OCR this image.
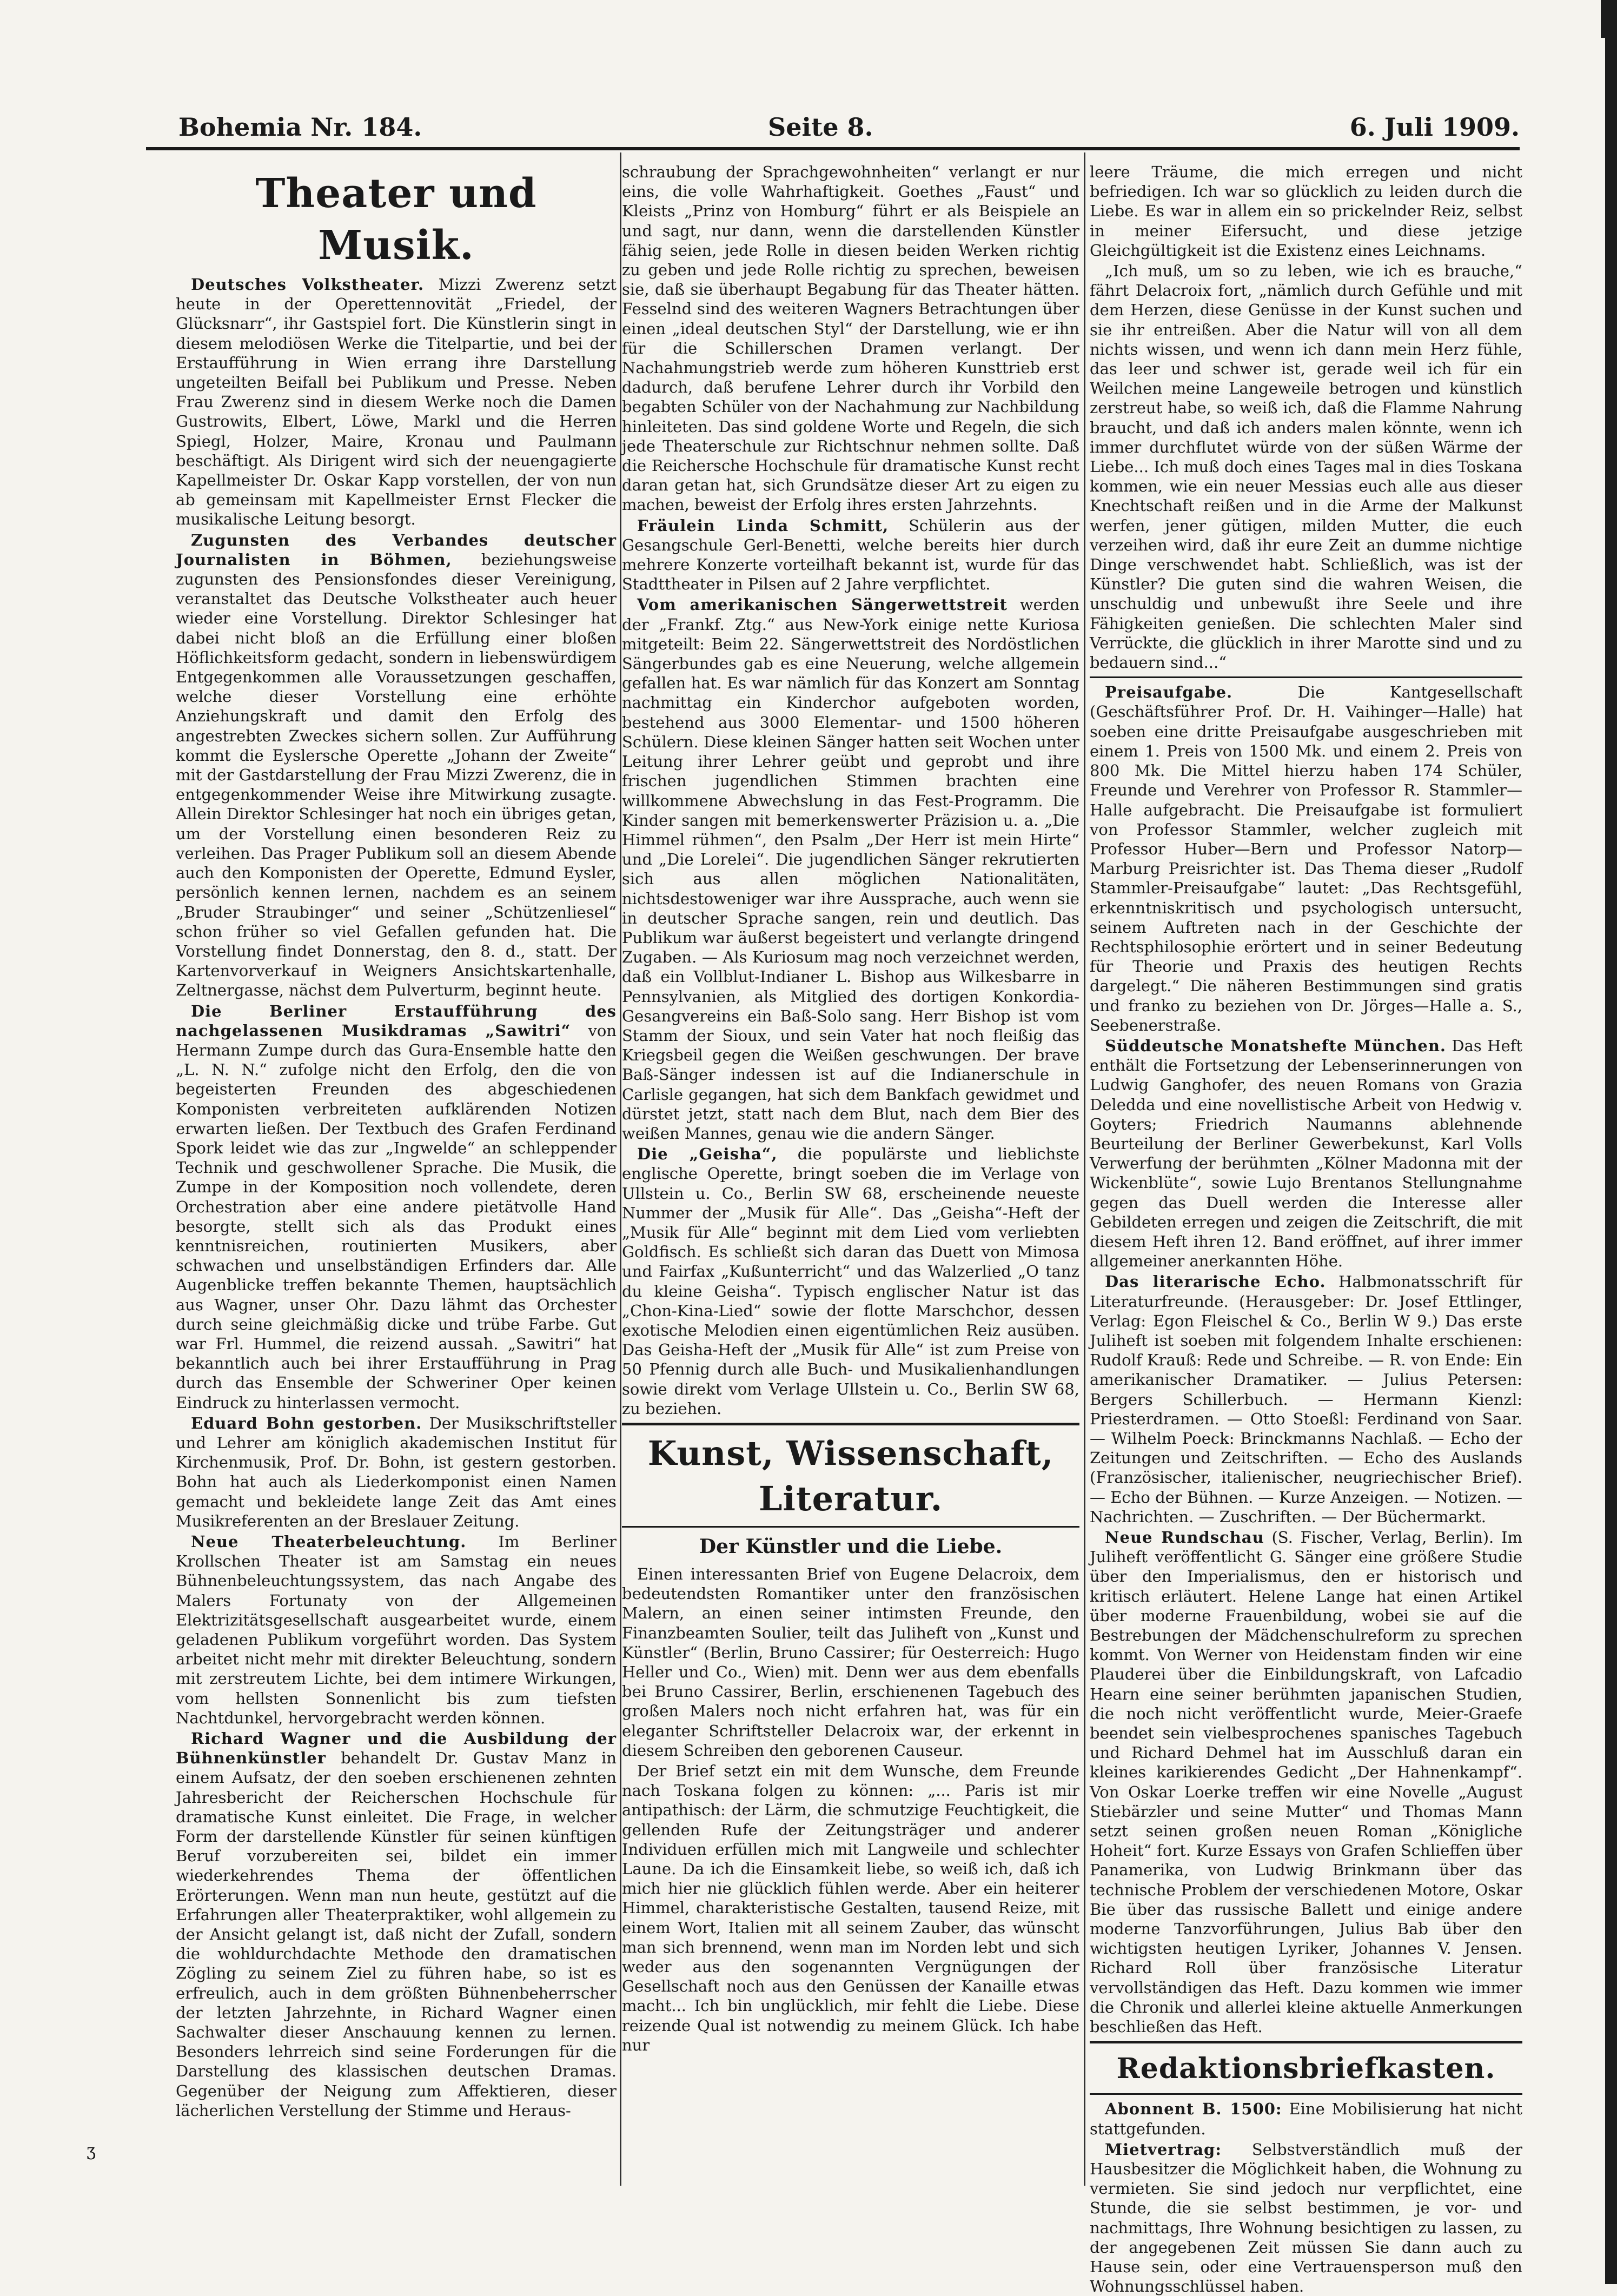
Bohemia Nr. 184.	Seite 8.	6. Juli 1909.
Theater und Musik.

Deutsches Volkstheater. Mizzi Zwerenz setzt heute in der Operettennovität „Friedel, der Glücksnarr“, ihr Gastspiel fort. Die Künstlerin singt in diesem melodiösen Werke die Titelpartie, und bei der Erstaufführung in Wien errang ihre Darstellung ungeteilten Beifall bei Publikum und Presse. Neben Frau Zwerenz sind in diesem Werke noch die Damen Gustrowits, Elbert, Löwe, Markl und die Herren Spiegl, Holzer, Maire, Kronau und Paulmann beschäftigt. Als Dirigent wird sich der neuengagierte Kapellmeister Dr. Oskar Kapp vorstellen, der von nun ab gemeinsam mit Kapellmeister Ernst Flecker die musikalische Leitung besorgt.

Zugunsten des Verbandes deutscher Journalisten in Böhmen, beziehungsweise zugunsten des Pensionsfondes dieser Vereinigung, veranstaltet das Deutsche Volkstheater auch heuer wieder eine Vorstellung. Direktor Schlesinger hat dabei nicht bloß an die Erfüllung einer bloßen Höflichkeitsform gedacht, sondern in liebenswürdigem Entgegenkommen alle Voraussetzungen geschaffen, welche dieser Vorstellung eine erhöhte Anziehungskraft und damit den Erfolg des angestrebten Zweckes sichern sollen. Zur Aufführung kommt die Eyslersche Operette „Johann der Zweite“ mit der Gastdarstellung der Frau Mizzi Zwerenz, die in entgegenkommender Weise ihre Mitwirkung zusagte. Allein Direktor Schlesinger hat noch ein übriges getan, um der Vorstellung einen besonderen Reiz zu verleihen. Das Prager Publikum soll an diesem Abende auch den Komponisten der Operette, Edmund Eysler, persönlich kennen lernen, nachdem es an seinem „Bruder Straubinger“ und seiner „Schützenliesel“ schon früher so viel Gefallen gefunden hat. Die Vorstellung findet Donnerstag, den 8. d., statt. Der Kartenvorverkauf in Weigners Ansichtskartenhalle, Zeltnergasse, nächst dem Pulverturm, beginnt heute.

Die Berliner Erstaufführung des nachgelassenen Musikdramas „Sawitri“ von Hermann Zumpe durch das Gura-Ensemble hatte den „L. N. N.“ zufolge nicht den Erfolg, den die von begeisterten Freunden des abgeschiedenen Komponisten verbreiteten aufklärenden Notizen erwarten ließen. Der Textbuch des Grafen Ferdinand Spork leidet wie das zur „Ingwelde“ an schleppender Technik und geschwollener Sprache. Die Musik, die Zumpe in der Komposition noch vollendete, deren Orchestration aber eine andere pietätvolle Hand besorgte, stellt sich als das Produkt eines kenntnisreichen, routinierten Musikers, aber schwachen und unselbständigen Erfinders dar. Alle Augenblicke treffen bekannte Themen, hauptsächlich aus Wagner, unser Ohr. Dazu lähmt das Orchester durch seine gleichmäßig dicke und trübe Farbe. Gut war Frl. Hummel, die reizend aussah. „Sawitri“ hat bekanntlich auch bei ihrer Erstaufführung in Prag durch das Ensemble der Schweriner Oper keinen Eindruck zu hinterlassen vermocht.

Eduard Bohn gestorben. Der Musikschriftsteller und Lehrer am königlich akademischen Institut für Kirchenmusik, Prof. Dr. Bohn, ist gestern gestorben. Bohn hat auch als Liederkomponist einen Namen gemacht und bekleidete lange Zeit das Amt eines Musikreferenten an der Breslauer Zeitung.

Neue Theaterbeleuchtung. Im Berliner Krollschen Theater ist am Samstag ein neues Bühnenbeleuchtungssystem, das nach Angabe des Malers Fortunaty von der Allgemeinen Elektrizitätsgesellschaft ausgearbeitet wurde, einem geladenen Publikum vorgeführt worden. Das System arbeitet nicht mehr mit direkter Beleuchtung, sondern mit zerstreutem Lichte, bei dem intimere Wirkungen, vom hellsten Sonnenlicht bis zum tiefsten Nachtdunkel, hervorgebracht werden können.

Richard Wagner und die Ausbildung der Bühnenkünstler behandelt Dr. Gustav Manz in einem Aufsatz, der den soeben erschienenen zehnten Jahresbericht der Reicherschen Hochschule für dramatische Kunst einleitet. Die Frage, in welcher Form der darstellende Künstler für seinen künftigen Beruf vorzubereiten sei, bildet ein immer wiederkehrendes Thema der öffentlichen Erörterungen. Wenn man nun heute, gestützt auf die Erfahrungen aller Theaterpraktiker, wohl allgemein zu der Ansicht gelangt ist, daß nicht der Zufall, sondern die wohldurchdachte Methode den dramatischen Zögling zu seinem Ziel zu führen habe, so ist es erfreulich, auch in dem größten Bühnenbeherrscher der letzten Jahrzehnte, in Richard Wagner einen Sachwalter dieser Anschauung kennen zu lernen. Besonders lehrreich sind seine Forderungen für die Darstellung des klassischen deutschen Dramas. Gegenüber der Neigung zum Affektieren, dieser lächerlichen Verstellung der Stimme und Heraus-

schraubung der Sprachgewohnheiten“ verlangt er nur eins, die volle Wahrhaftigkeit. Goethes „Faust“ und Kleists „Prinz von Homburg“ führt er als Beispiele an und sagt, nur dann, wenn die darstellenden Künstler fähig seien, jede Rolle in diesen beiden Werken richtig zu geben und jede Rolle richtig zu sprechen, beweisen sie, daß sie überhaupt Begabung für das Theater hätten. Fesselnd sind des weiteren Wagners Betrachtungen über einen „ideal deutschen Styl“ der Darstellung, wie er ihn für die Schillerschen Dramen verlangt. Der Nachahmungstrieb werde zum höheren Kunsttrieb erst dadurch, daß berufene Lehrer durch ihr Vorbild den begabten Schüler von der Nachahmung zur Nachbildung hinleiteten. Das sind goldene Worte und Regeln, die sich jede Theaterschule zur Richtschnur nehmen sollte. Daß die Reichersche Hochschule für dramatische Kunst recht daran getan hat, sich Grundsätze dieser Art zu eigen zu machen, beweist der Erfolg ihres ersten Jahrzehnts.

Fräulein Linda Schmitt, Schülerin aus der Gesangschule Gerl-Benetti, welche bereits hier durch mehrere Konzerte vorteilhaft bekannt ist, wurde für das Stadttheater in Pilsen auf 2 Jahre verpflichtet.

Vom amerikanischen Sängerwettstreit werden der „Frankf. Ztg.“ aus New-York einige nette Kuriosa mitgeteilt: Beim 22. Sängerwettstreit des Nordöstlichen Sängerbundes gab es eine Neuerung, welche allgemein gefallen hat. Es war nämlich für das Konzert am Sonntag nachmittag ein Kinderchor aufgeboten worden, bestehend aus 3000 Elementar- und 1500 höheren Schülern. Diese kleinen Sänger hatten seit Wochen unter Leitung ihrer Lehrer geübt und geprobt und ihre frischen jugendlichen Stimmen brachten eine willkommene Abwechslung in das Fest-Programm. Die Kinder sangen mit bemerkenswerter Präzision u. a. „Die Himmel rühmen“, den Psalm „Der Herr ist mein Hirte“ und „Die Lorelei“. Die jugendlichen Sänger rekrutierten sich aus allen möglichen Nationalitäten, nichtsdestoweniger war ihre Aussprache, auch wenn sie in deutscher Sprache sangen, rein und deutlich. Das Publikum war äußerst begeistert und verlangte dringend Zugaben. — Als Kuriosum mag noch verzeichnet werden, daß ein Vollblut-Indianer L. Bishop aus Wilkesbarre in Pennsylvanien, als Mitglied des dortigen Konkordia-Gesangvereins ein Baß-Solo sang. Herr Bishop ist vom Stamm der Sioux, und sein Vater hat noch fleißig das Kriegsbeil gegen die Weißen geschwungen. Der brave Baß-Sänger indessen ist auf die Indianerschule in Carlisle gegangen, hat sich dem Bankfach gewidmet und dürstet jetzt, statt nach dem Blut, nach dem Bier des weißen Mannes, genau wie die andern Sänger.

Die „Geisha“, die populärste und lieblichste englische Operette, bringt soeben die im Verlage von Ullstein u. Co., Berlin SW 68, erscheinende neueste Nummer der „Musik für Alle“. Das „Geisha“-Heft der „Musik für Alle“ beginnt mit dem Lied vom verliebten Goldfisch. Es schließt sich daran das Duett von Mimosa und Fairfax „Kußunterricht“ und das Walzerlied „O tanz du kleine Geisha“. Typisch englischer Natur ist das „Chon-Kina-Lied“ sowie der flotte Marschchor, dessen exotische Melodien einen eigentümlichen Reiz ausüben. Das Geisha-Heft der „Musik für Alle“ ist zum Preise von 50 Pfennig durch alle Buch- und Musikalienhandlungen sowie direkt vom Verlage Ullstein u. Co., Berlin SW 68, zu beziehen.

Kunst, Wissenschaft, Literatur.
Der Künstler und die Liebe.

Einen interessanten Brief von Eugene Delacroix, dem bedeutendsten Romantiker unter den französischen Malern, an einen seiner intimsten Freunde, den Finanzbeamten Soulier, teilt das Juliheft von „Kunst und Künstler“ (Berlin, Bruno Cassirer; für Oesterreich: Hugo Heller und Co., Wien) mit. Denn wer aus dem ebenfalls bei Bruno Cassirer, Berlin, erschienenen Tagebuch des großen Malers noch nicht erfahren hat, was für ein eleganter Schriftsteller Delacroix war, der erkennt in diesem Schreiben den geborenen Causeur.

Der Brief setzt ein mit dem Wunsche, dem Freunde nach Toskana folgen zu können: „... Paris ist mir antipathisch: der Lärm, die schmutzige Feuchtigkeit, die gellenden Rufe der Zeitungsträger und anderer Individuen erfüllen mich mit Langweile und schlechter Laune. Da ich die Einsamkeit liebe, so weiß ich, daß ich mich hier nie glücklich fühlen werde. Aber ein heiterer Himmel, charakteristische Gestalten, tausend Reize, mit einem Wort, Italien mit all seinem Zauber, das wünscht man sich brennend, wenn man im Norden lebt und sich weder aus den sogenannten Vergnügungen der Gesellschaft noch aus den Genüssen der Kanaille etwas macht... Ich bin unglücklich, mir fehlt die Liebe. Diese reizende Qual ist notwendig zu meinem Glück. Ich habe nur

leere Träume, die mich erregen und nicht befriedigen. Ich war so glücklich zu leiden durch die Liebe. Es war in allem ein so prickelnder Reiz, selbst in meiner Eifersucht, und diese jetzige Gleichgültigkeit ist die Existenz eines Leichnams.

„Ich muß, um so zu leben, wie ich es brauche,“ fährt Delacroix fort, „nämlich durch Gefühle und mit dem Herzen, diese Genüsse in der Kunst suchen und sie ihr entreißen. Aber die Natur will von all dem nichts wissen, und wenn ich dann mein Herz fühle, das leer und schwer ist, gerade weil ich für ein Weilchen meine Langeweile betrogen und künstlich zerstreut habe, so weiß ich, daß die Flamme Nahrung braucht, und daß ich anders malen könnte, wenn ich immer durchflutet würde von der süßen Wärme der Liebe... Ich muß doch eines Tages mal in dies Toskana kommen, wie ein neuer Messias euch alle aus dieser Knechtschaft reißen und in die Arme der Malkunst werfen, jener gütigen, milden Mutter, die euch verzeihen wird, daß ihr eure Zeit an dumme nichtige Dinge verschwendet habt. Schließlich, was ist der Künstler? Die guten sind die wahren Weisen, die unschuldig und unbewußt ihre Seele und ihre Fähigkeiten genießen. Die schlechten Maler sind Verrückte, die glücklich in ihrer Marotte sind und zu bedauern sind...“

Preisaufgabe.	Die Kantgesellschaft (Geschäftsführer Prof. Dr. H. Vaihinger—Halle) hat soeben eine dritte Preisaufgabe ausgeschrieben mit einem 1. Preis von 1500 Mk. und einem 2. Preis von 800 Mk. Die Mittel hierzu haben 174 Schüler, Freunde und Verehrer von Professor R. Stammler—Halle aufgebracht. Die Preisaufgabe ist formuliert von Professor Stammler, welcher zugleich mit Professor Huber—Bern und Professor Natorp—Marburg Preisrichter ist. Das Thema dieser „Rudolf Stammler-Preisaufgabe“ lautet: „Das Rechtsgefühl, erkenntniskritisch und psychologisch untersucht, seinem Auftreten nach in der Geschichte der Rechtsphilosophie erörtert und in seiner Bedeutung für Theorie und Praxis des heutigen Rechts dargelegt.“ Die näheren Bestimmungen sind gratis und franko zu beziehen von Dr. Jörges—Halle a. S., Seebenerstraße.

Süddeutsche Monatshefte München. Das Heft enthält die Fortsetzung der Lebenserinnerungen von Ludwig Ganghofer, des neuen Romans von Grazia Deledda und eine novellistische Arbeit von Hedwig v. Goyters; Friedrich Naumanns ablehnende Beurteilung der Berliner Gewerbekunst, Karl Volls Verwerfung der berühmten „Kölner Madonna mit der Wickenblüte“, sowie Lujo Brentanos Stellungnahme gegen das Duell werden die Interesse aller Gebildeten erregen und zeigen die Zeitschrift, die mit diesem Heft ihren 12. Band eröffnet, auf ihrer immer allgemeiner anerkannten Höhe.

Das literarische Echo. Halbmonatsschrift für Literaturfreunde. (Herausgeber: Dr. Josef Ettlinger, Verlag: Egon Fleischel & Co., Berlin W 9.) Das erste Juliheft ist soeben mit folgendem Inhalte erschienen: Rudolf Krauß: Rede und Schreibe. — R. von Ende: Ein amerikanischer Dramatiker. — Julius Petersen: Bergers Schillerbuch. — Hermann Kienzl: Priesterdramen. — Otto Stoeßl: Ferdinand von Saar. — Wilhelm Poeck: Brinckmanns Nachlaß. — Echo der Zeitungen und Zeitschriften. — Echo des Auslands (Französischer, italienischer, neugriechischer Brief). — Echo der Bühnen. — Kurze Anzeigen. — Notizen. — Nachrichten. — Zuschriften. — Der Büchermarkt.

Neue Rundschau (S. Fischer, Verlag, Berlin). Im Juliheft veröffentlicht G. Sänger eine größere Studie über den Imperialismus, den er historisch und kritisch erläutert. Helene Lange hat einen Artikel über moderne Frauenbildung, wobei sie auf die Bestrebungen der Mädchenschulreform zu sprechen kommt. Von Werner von Heidenstam finden wir eine Plauderei über die Einbildungskraft, von Lafcadio Hearn eine seiner berühmten japanischen Studien, die noch nicht veröffentlicht wurde, Meier-Graefe beendet sein vielbesprochenes spanisches Tagebuch und Richard Dehmel hat im Ausschluß daran ein kleines karikierendes Gedicht „Der Hahnenkampf“. Von Oskar Loerke treffen wir eine Novelle „August Stiebärzler und seine Mutter“ und Thomas Mann setzt seinen großen neuen Roman „Königliche Hoheit“ fort. Kurze Essays von Grafen Schlieffen über Panamerika, von Ludwig Brinkmann über das technische Problem der verschiedenen Motore, Oskar Bie über das russische Ballett und einige andere moderne Tanzvorführungen, Julius Bab über den wichtigsten heutigen Lyriker, Johannes V. Jensen. Richard Roll über französische Literatur vervollständigen das Heft. Dazu kommen wie immer die Chronik und allerlei kleine aktuelle Anmerkungen beschließen das Heft.

Redaktionsbriefkasten.

Abonnent B. 1500: Eine Mobilisierung hat nicht stattgefunden.

Mietvertrag: Selbstverständlich muß der Hausbesitzer die Möglichkeit haben, die Wohnung zu vermieten. Sie sind jedoch nur verpflichtet, eine Stunde, die sie selbst bestimmen, je vor- und nachmittags, Ihre Wohnung besichtigen zu lassen, zu der angegebenen Zeit müssen Sie dann auch zu Hause sein, oder eine Vertrauensperson muß den Wohnungsschlüssel haben.

ʒ
